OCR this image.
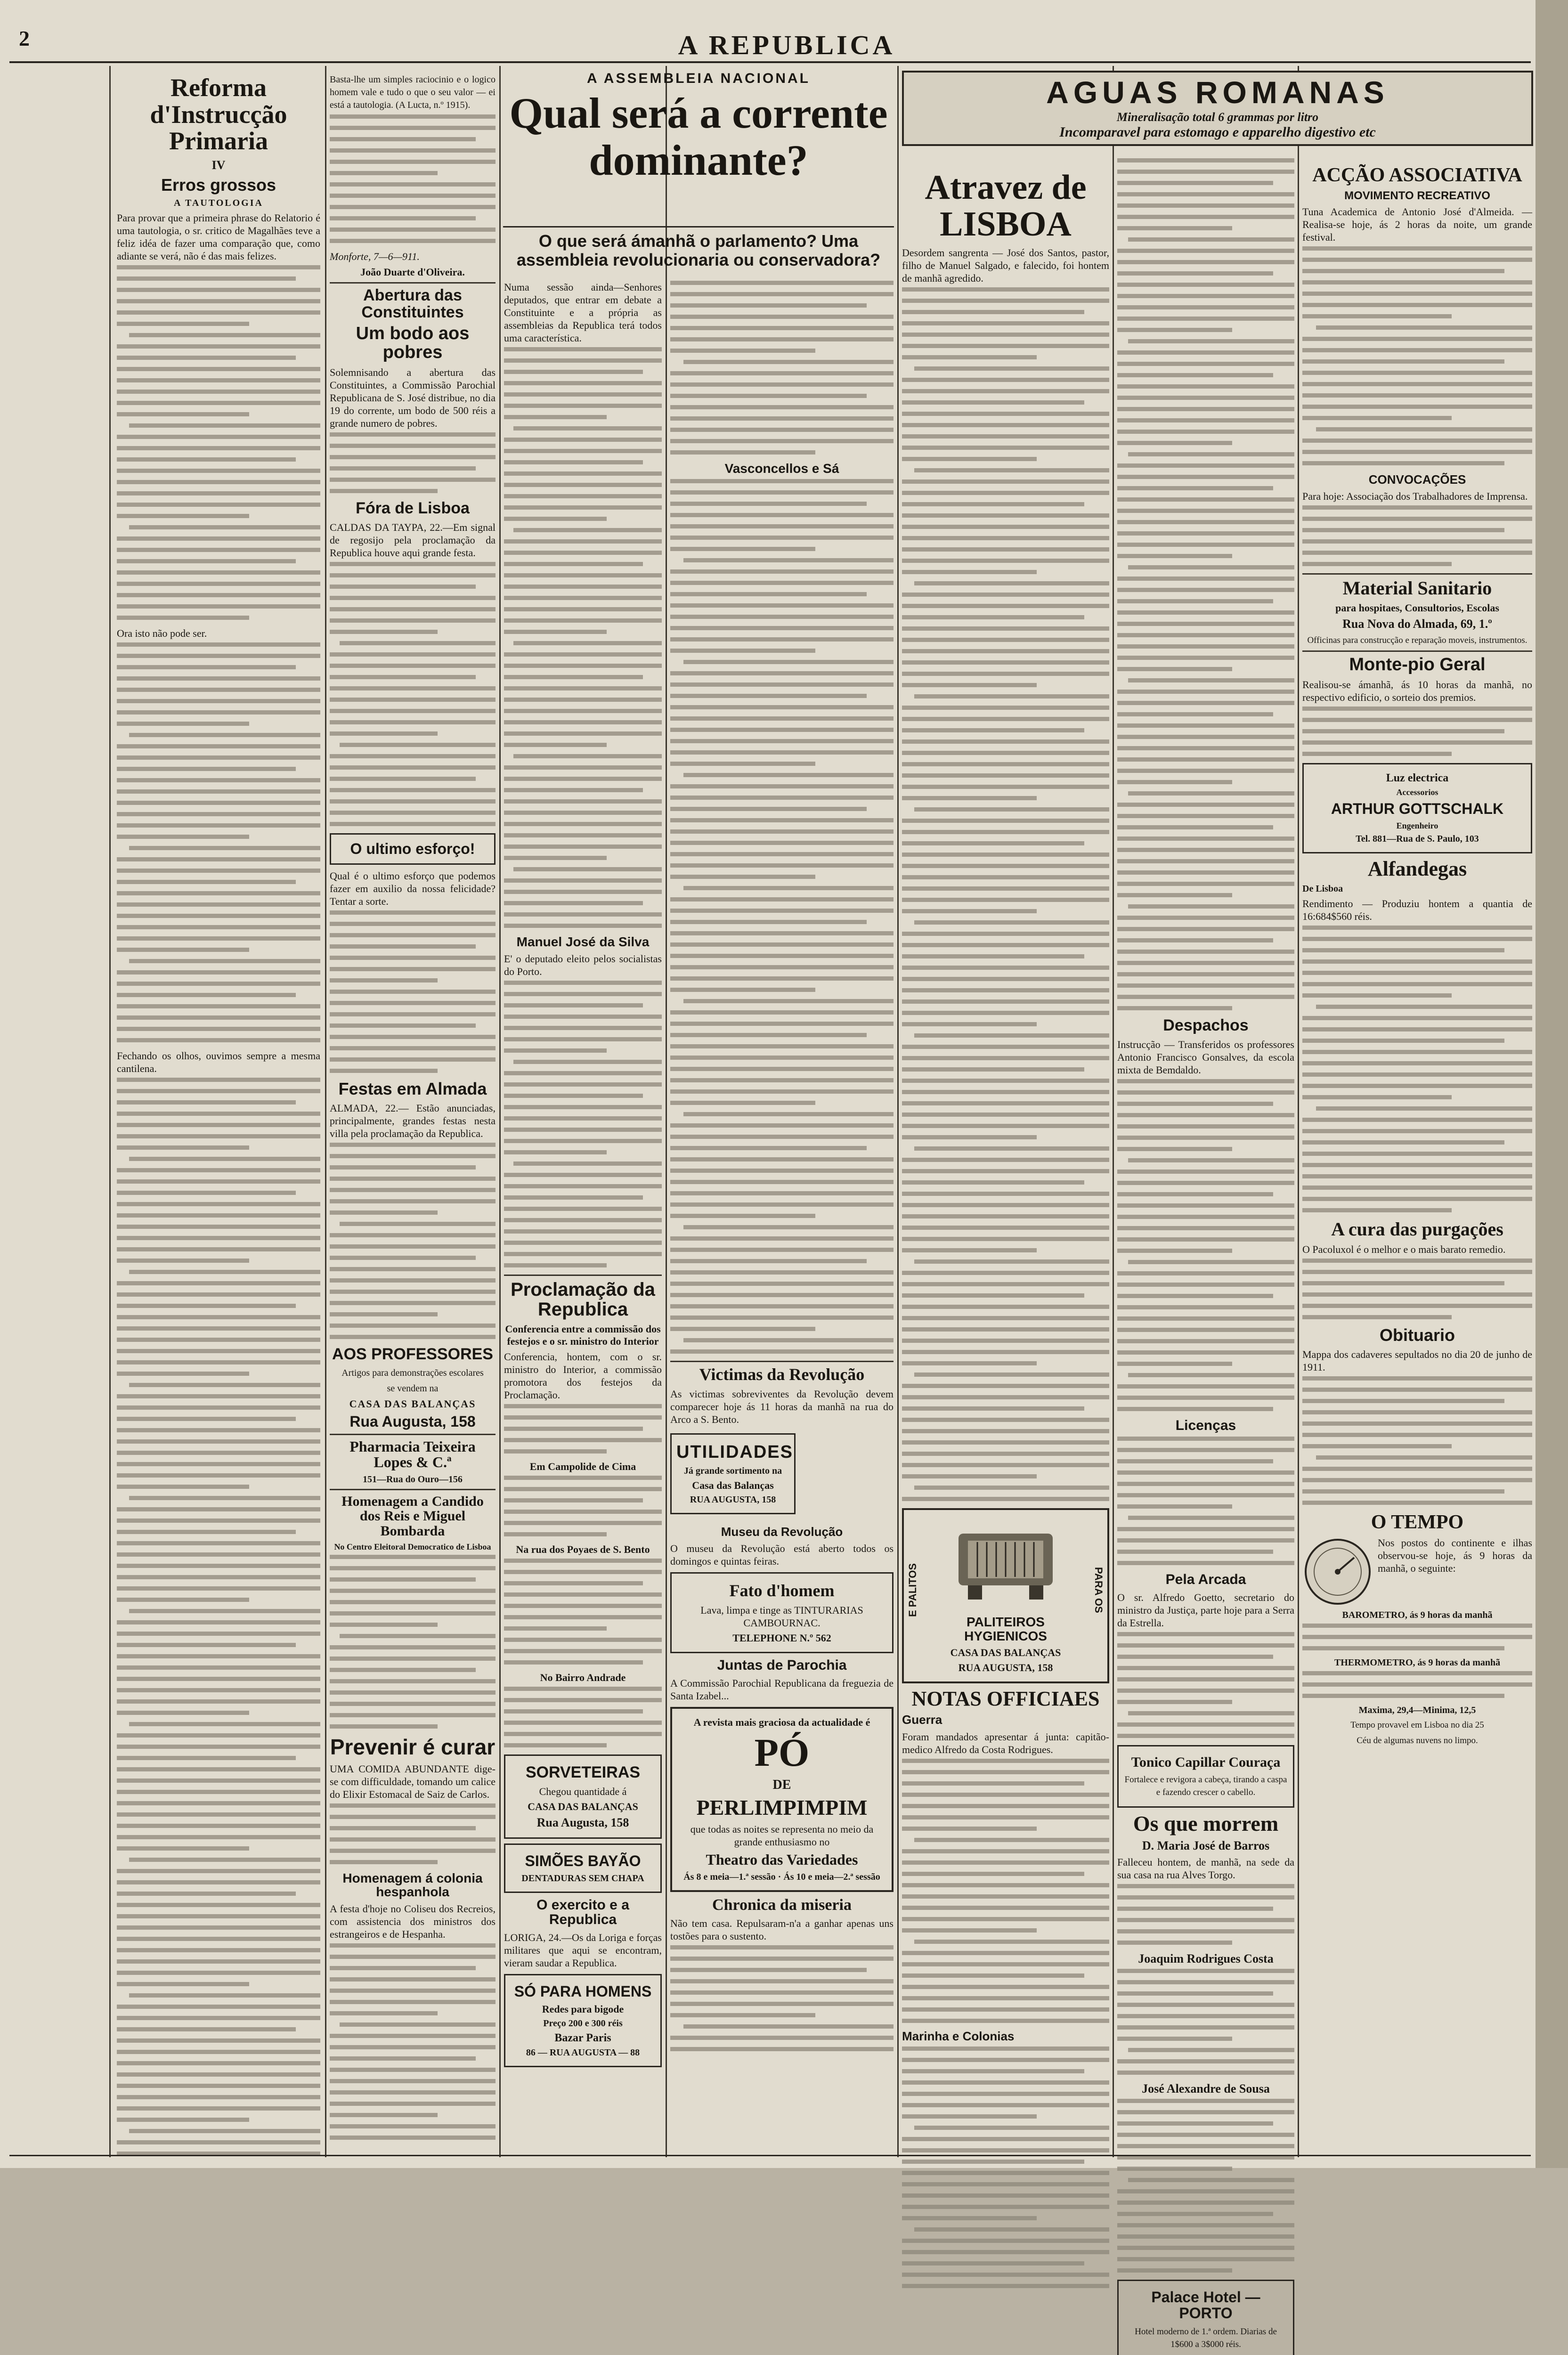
2	A REPUBLICA
Reforma d'Instrucção Primaria
IV
Erros grossos
A TAUTOLOGIA

Para provar que a primeira phrase do Relatorio é uma tautologia, o sr. critico de Magalhães teve a feliz idéa de fazer uma comparação que, como adiante se verá, não é das mais felizes.

Ora isto não pode ser.

Fechando os olhos, ouvimos sempre a mesma cantilena.

Basta-lhe um simples raciocinio e o logico homem vale e tudo o que o seu valor — ei está a tautologia. (A Lucta, n.º 1915).

Monforte, 7—6—911.

João Duarte d'Oliveira.

Abertura das Constituintes
Um bodo aos pobres

Solemnisando a abertura das Constituintes, a Commissão Parochial Republicana de S. José distribue, no dia 19 do corrente, um bodo de 500 réis a grande numero de pobres.

Fóra de Lisboa

CALDAS DA TAYPA, 22.—Em signal de regosijo pela proclamação da Republica houve aqui grande festa.

O ultimo esforço!

Qual é o ultimo esforço que podemos fazer em auxilio da nossa felicidade? Tentar a sorte.

Festas em Almada

ALMADA, 22.— Estão anunciadas, principalmente, grandes festas nesta villa pela proclamação da Republica.

AOS PROFESSORES
Artigos para demonstrações escolares
se vendem na
CASA DAS BALANÇAS
Rua Augusta, 158
Pharmacia Teixeira Lopes & C.ª
151—Rua do Ouro—156
Homenagem a Candido dos Reis e Miguel Bombarda
No Centro Eleitoral Democratico de Lisboa
Prevenir é curar

UMA COMIDA ABUNDANTE dige-se com difficuldade, tomando um calice do Elixir Estomacal de Saiz de Carlos.

Homenagem á colonia hespanhola

A festa d'hoje no Coliseu dos Recreios, com assistencia dos ministros dos estrangeiros e de Hespanha.

A ASSEMBLEIA NACIONAL
Qual será a corrente dominante?
O que será ámanhã o parlamento? Uma assembleia revolucionaria ou conservadora?

Numa sessão ainda—Senhores deputados, que entrar em debate a Constituinte e a própria as assembleias da Republica terá todos uma característica.

Manuel José da Silva

E' o deputado eleito pelos socialistas do Porto.

Proclamação da Republica
Conferencia entre a commissão dos festejos e o sr. ministro do Interior

Conferencia, hontem, com o sr. ministro do Interior, a commissão promotora dos festejos da Proclamação.

Em Campolide de Cima
Na rua dos Poyaes de S. Bento
No Bairro Andrade
SORVETEIRAS
Chegou quantidade á
CASA DAS BALANÇAS
Rua Augusta, 158
SIMÕES BAYÃO
DENTADURAS SEM CHAPA
O exercito e a Republica

LORIGA, 24.—Os da Loriga e forças militares que aqui se encontram, vieram saudar a Republica.

SÓ PARA HOMENS
Redes para bigode
Preço 200 e 300 réis
Bazar Paris
86 — RUA AUGUSTA — 88
Vasconcellos e Sá
Victimas da Revolução

As victimas sobreviventes da Revolução devem comparecer hoje ás 11 horas da manhã na rua do Arco a S. Bento.

UTILIDADES
Já grande sortimento na
Casa das Balanças
RUA AUGUSTA, 158
Museu da Revolução

O museu da Revolução está aberto todos os domingos e quintas feiras.

Fato d'homem
Lava, limpa e tinge as TINTURARIAS CAMBOURNAC.
TELEPHONE N.º 562
Juntas de Parochia

A Commissão Parochial Republicana da freguezia de Santa Izabel...

A revista mais graciosa da actualidade é
PÓ
DE
PERLIMPIMPIM
que todas as noites se representa no meio da grande enthusiasmo no
Theatro das Variedades
Ás 8 e meia—1.ª sessão · Ás 10 e meia—2.ª sessão
Chronica da miseria

Não tem casa. Repulsaram-n'a a ganhar apenas uns tostões para o sustento.

AGUAS ROMANAS
Mineralisação total 6 grammas por litro
Incomparavel para estomago e apparelho digestivo etc
Atravez de LISBOA

Desordem sangrenta — José dos Santos, pastor, filho de Manuel Salgado, e falecido, foi hontem de manhã agredido.

E PALITOS	PARA OS
PALITEIROS HYGIENICOS
CASA DAS BALANÇAS
RUA AUGUSTA, 158
NOTAS OFFICIAES
Guerra

Foram mandados apresentar á junta: capitão-medico Alfredo da Costa Rodrigues.

Marinha e Colonias
Despachos

Instrucção — Transferidos os professores Antonio Francisco Gonsalves, da escola mixta de Bemdaldo.

Licenças
Pela Arcada

O sr. Alfredo Goetto, secretario do ministro da Justiça, parte hoje para a Serra da Estrella.

Tonico Capillar Couraça
Fortalece e revigora a cabeça, tirando a caspa e fazendo crescer o cabello.
Os que morrem
D. Maria José de Barros

Falleceu hontem, de manhã, na sede da sua casa na rua Alves Torgo.

Joaquim Rodrigues Costa
José Alexandre de Sousa
Palace Hotel — PORTO
Hotel moderno de 1.ª ordem. Diarias de 1$600 a 3$000 réis.
ACÇÃO ASSOCIATIVA
MOVIMENTO RECREATIVO

Tuna Academica de Antonio José d'Almeida. — Realisa-se hoje, ás 2 horas da noite, um grande festival.

CONVOCAÇÕES

Para hoje: Associação dos Trabalhadores de Imprensa.

Material Sanitario
para hospitaes, Consultorios, Escolas
Rua Nova do Almada, 69, 1.º
Officinas para construcção e reparação moveis, instrumentos.
Monte-pio Geral

Realisou-se ámanhã, ás 10 horas da manhã, no respectivo edificio, o sorteio dos premios.

Luz electrica
Accessorios
ARTHUR GOTTSCHALK
Engenheiro
Tel. 881—Rua de S. Paulo, 103
Alfandegas
De Lisboa

Rendimento — Produziu hontem a quantia de 16:684$560 réis.

A cura das purgações

O Pacoluxol é o melhor e o mais barato remedio.

Obituario

Mappa dos cadaveres sepultados no dia 20 de junho de 1911.

O TEMPO

Nos postos do continente e ilhas observou-se hoje, ás 9 horas da manhã, o seguinte:

BAROMETRO, ás 9 horas da manhã
THERMOMETRO, ás 9 horas da manhã
Maxima, 29,4—Minima, 12,5
Tempo provavel em Lisboa no dia 25
Céu de algumas nuvens no limpo.
